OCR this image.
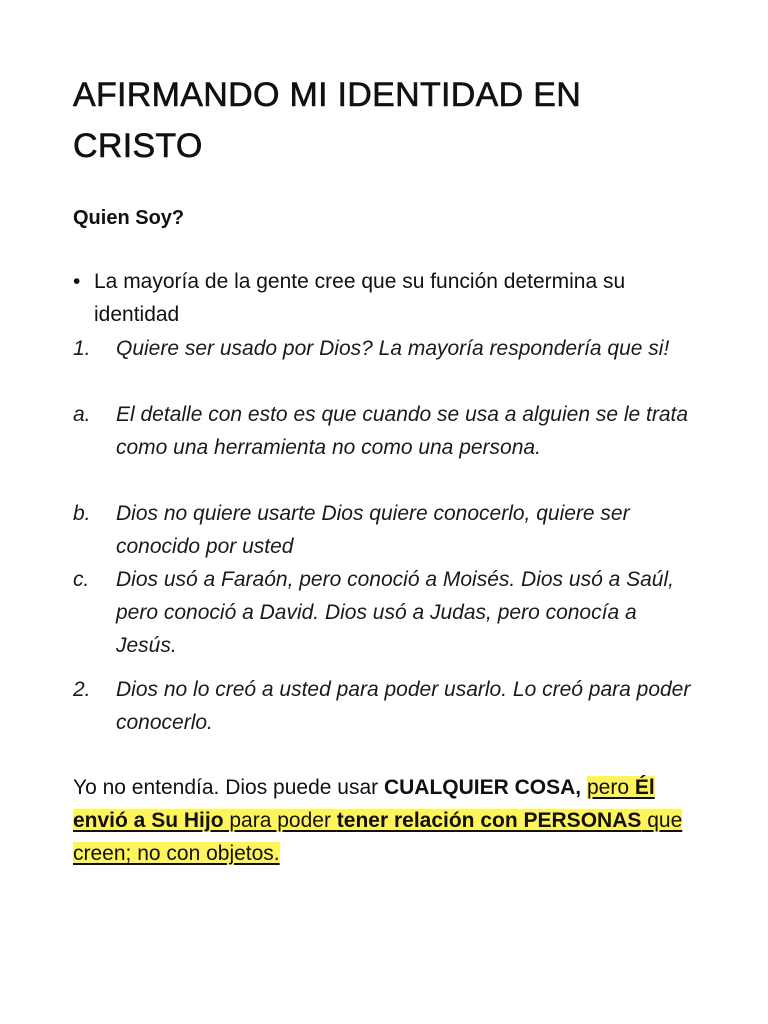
AFIRMANDO MI IDENTIDAD EN CRISTO
Quien Soy?
• La mayoría de la gente cree que su función determina su identidad
1.	Quiere ser usado por Dios? La mayoría respondería que si!
a.	El detalle con esto es que cuando se usa a alguien se le trata como una herramienta no como una persona.
b.	Dios no quiere usarte Dios quiere conocerlo, quiere ser conocido por usted
c.	Dios usó a Faraón, pero conoció a Moisés. Dios usó a Saúl, pero conoció a David. Dios usó a Judas, pero conocía a Jesús.
2.	Dios no lo creó a usted para poder usarlo. Lo creó para poder conocerlo.

Yo no entendía. Dios puede usar CUALQUIER COSA, pero Él envió a Su Hijo para poder tener relación con PERSONAS que creen; no con objetos.
